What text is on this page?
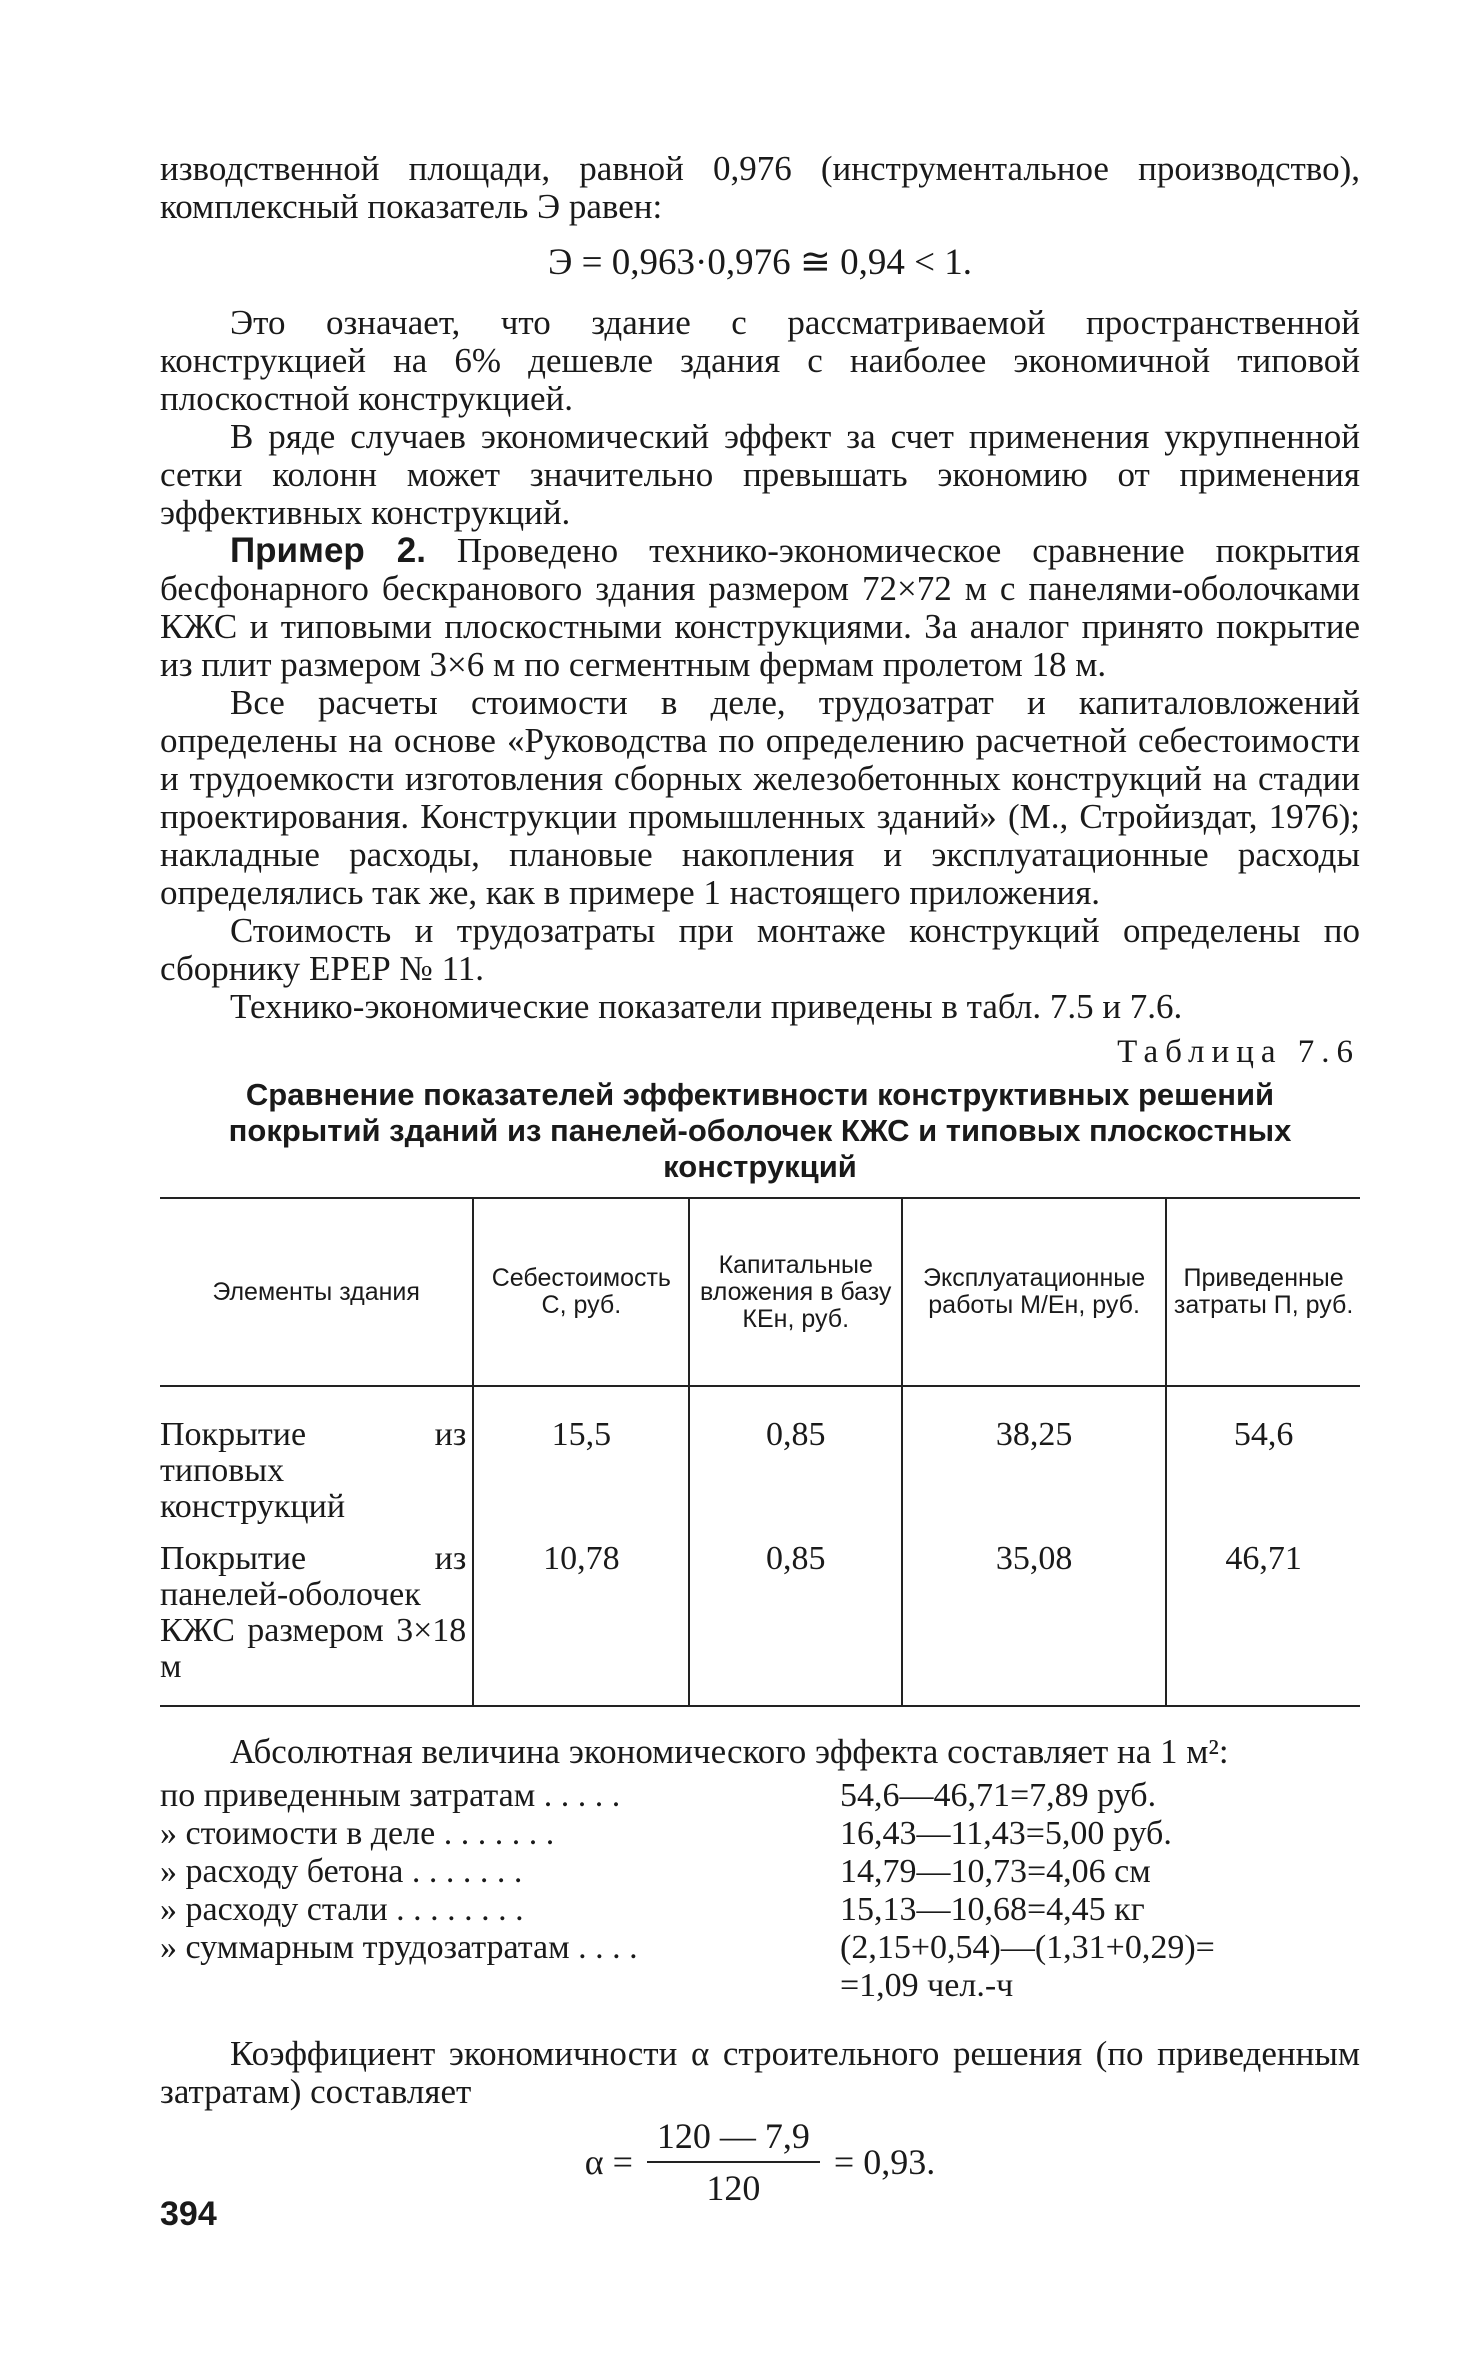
изводственной площади, равной 0,976 (инструментальное производство), комплексный показатель Э равен:

Э = 0,963·0,976 ≅ 0,94 < 1.

Это означает, что здание с рассматриваемой пространственной конструкцией на 6% дешевле здания с наиболее экономичной типовой плоскостной конструкцией.

В ряде случаев экономический эффект за счет применения укрупненной сетки колонн может значительно превышать экономию от применения эффективных конструкций.

Пример 2. Проведено технико-экономическое сравнение покрытия бесфонарного бескранового здания размером 72×72 м с панелями-оболочками КЖС и типовыми плоскостными конструкциями. За аналог принято покрытие из плит размером 3×6 м по сегментным фермам пролетом 18 м.

Все расчеты стоимости в деле, трудозатрат и капиталовложений определены на основе «Руководства по определению расчетной себестоимости и трудоемкости изготовления сборных железобетонных конструкций на стадии проектирования. Конструкции промышленных зданий» (М., Стройиздат, 1976); накладные расходы, плановые накопления и эксплуатационные расходы определялись так же, как в примере 1 настоящего приложения.

Стоимость и трудозатраты при монтаже конструкций определены по сборнику ЕРЕР № 11.

Технико-экономические показатели приведены в табл. 7.5 и 7.6.

Таблица 7.6
Сравнение показателей эффективности конструктивных решений покрытий зданий из панелей-оболочек КЖС и типовых плоскостных конструкций
Элементы здания	Себестоимость С, руб.	Капитальные вложения в базу КЕн, руб.	Эксплуатационные работы М/Ен, руб.	Приведенные затраты П, руб.
Покрытие из типовых конструкций	15,5	0,85	38,25	54,6
Покрытие из панелей-оболочек КЖС размером 3×18 м	10,78	0,85	35,08	46,71

Абсолютная величина экономического эффекта составляет на 1 м²:

по приведенным затратам . . . . .	54,6—46,71=7,89 руб.
» стоимости в деле . . . . . . .	16,43—11,43=5,00 руб.
» расходу бетона . . . . . . .	14,79—10,73=4,06 см
» расходу стали . . . . . . . .	15,13—10,68=4,45 кг
» суммарным трудозатратам . . . .	(2,15+0,54)—(1,31+0,29)=
=1,09 чел.-ч

Коэффициент экономичности α строительного решения (по приведенным затратам) составляет

$\alpha = \frac{120 — 7,9}{120} = 0,93$.
394
